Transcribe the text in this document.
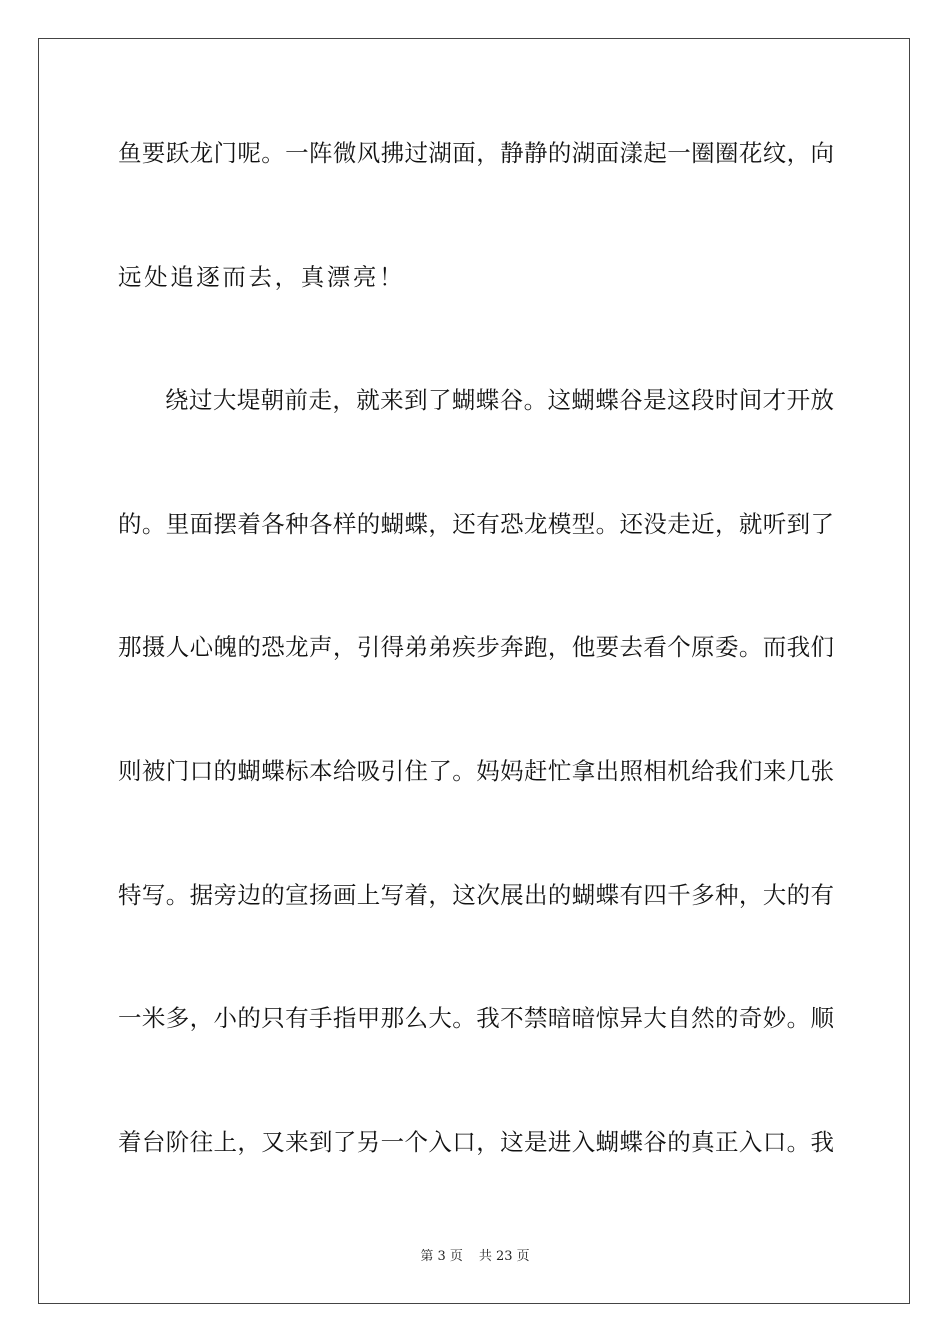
鱼要跃龙门呢。一阵微风拂过湖面，静静的湖面漾起一圈圈花纹，向
远处追逐而去，真漂亮！
绕过大堤朝前走，就来到了蝴蝶谷。这蝴蝶谷是这段时间才开放
的。里面摆着各种各样的蝴蝶，还有恐龙模型。还没走近，就听到了
那摄人心魄的恐龙声，引得弟弟疾步奔跑，他要去看个原委。而我们
则被门口的蝴蝶标本给吸引住了。妈妈赶忙拿出照相机给我们来几张
特写。据旁边的宣扬画上写着，这次展出的蝴蝶有四千多种，大的有
一米多，小的只有手指甲那么大。我不禁暗暗惊异大自然的奇妙。顺
着台阶往上，又来到了另一个入口，这是进入蝴蝶谷的真正入口。我
第 3 页 共 23 页
